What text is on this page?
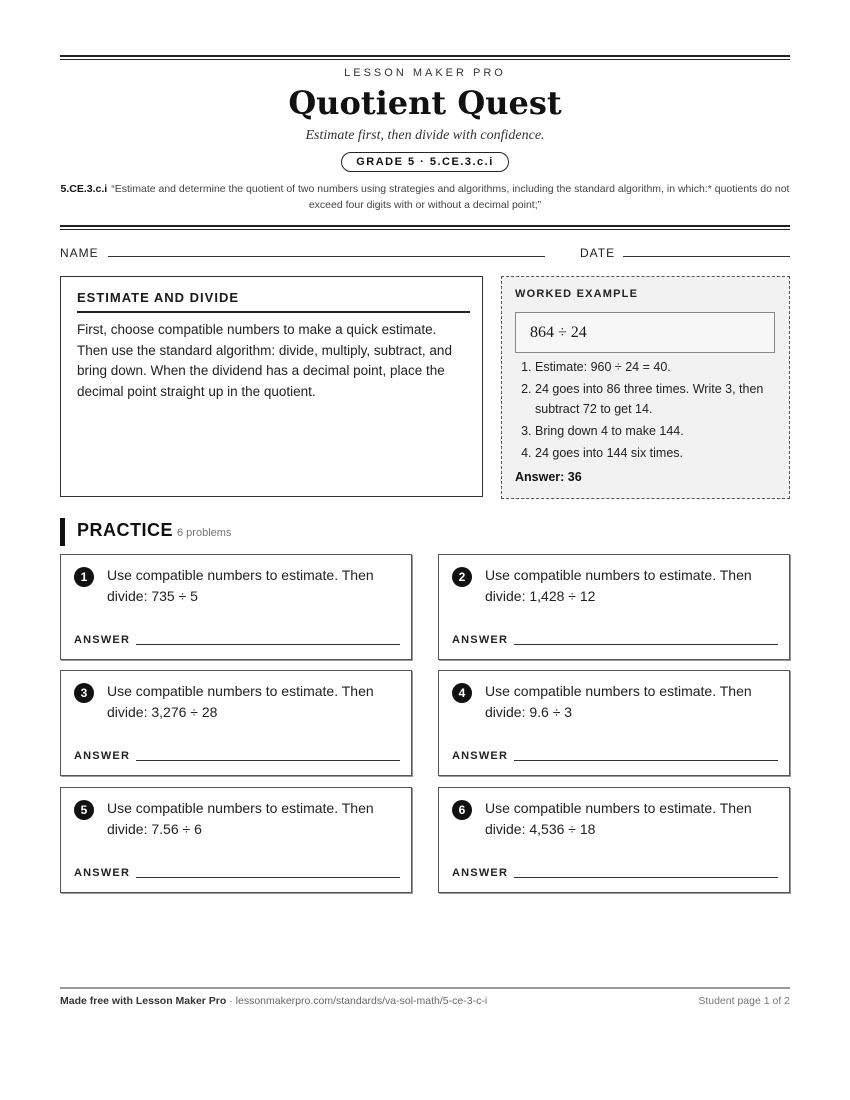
LESSON MAKER PRO
Quotient Quest
Estimate first, then divide with confidence.
GRADE 5 · 5.CE.3.c.i
5.CE.3.c.i “Estimate and determine the quotient of two numbers using strategies and algorithms, including the standard algorithm, in which:* quotients do not exceed four digits with or without a decimal point;”
NAME	DATE
ESTIMATE AND DIVIDE
First, choose compatible numbers to make a quick estimate. Then use the standard algorithm: divide, multiply, subtract, and bring down. When the dividend has a decimal point, place the decimal point straight up in the quotient.
WORKED EXAMPLE
864 ÷ 24
1. Estimate: 960 ÷ 24 = 40.
2. 24 goes into 86 three times. Write 3, then subtract 72 to get 14.
3. Bring down 4 to make 144.
4. 24 goes into 144 six times.
Answer: 36
PRACTICE 6 problems
1	Use compatible numbers to estimate. Then divide: 735 ÷ 5
ANSWER
2	Use compatible numbers to estimate. Then divide: 1,428 ÷ 12
ANSWER
3	Use compatible numbers to estimate. Then divide: 3,276 ÷ 28
ANSWER
4	Use compatible numbers to estimate. Then divide: 9.6 ÷ 3
ANSWER
5	Use compatible numbers to estimate. Then divide: 7.56 ÷ 6
ANSWER
6	Use compatible numbers to estimate. Then divide: 4,536 ÷ 18
ANSWER
Made free with Lesson Maker Pro · lessonmakerpro.com/standards/va-sol-math/5-ce-3-c-i	Student page 1 of 2
